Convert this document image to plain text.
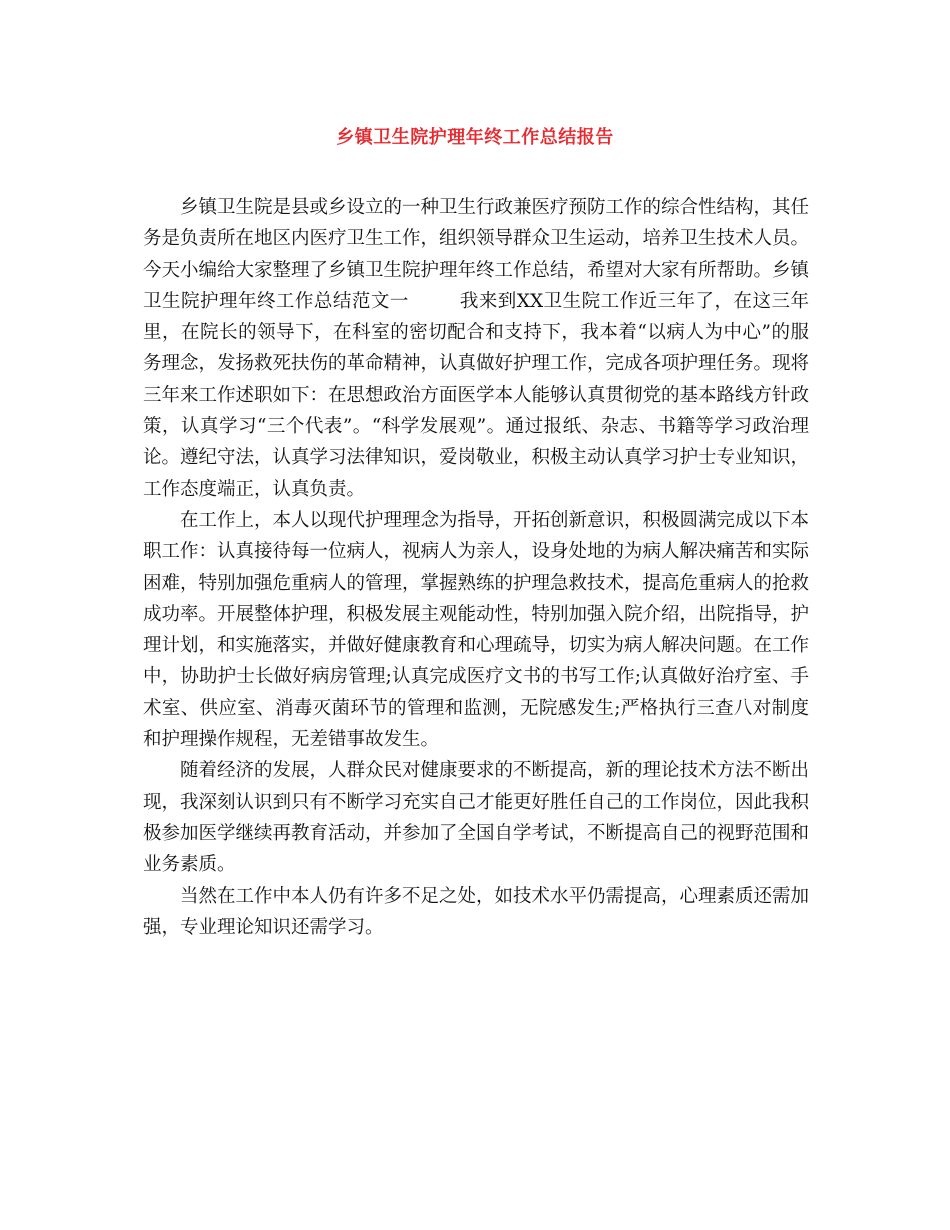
乡镇卫生院护理年终工作总结报告

乡镇卫生院是县或乡设立的一种卫生行政兼医疗预防工作的综合性结构，其任务是负责所在地区内医疗卫生工作，组织领导群众卫生运动，培养卫生技术人员。今天小编给大家整理了乡镇卫生院护理年终工作总结，希望对大家有所帮助。乡镇卫生院护理年终工作总结范文一        我来到XX卫生院工作近三年了，在这三年里，在院长的领导下，在科室的密切配合和支持下，我本着“以病人为中心”的服务理念，发扬救死扶伤的革命精神，认真做好护理工作，完成各项护理任务。现将三年来工作述职如下：在思想政治方面医学本人能够认真贯彻党的基本路线方针政策，认真学习“三个代表”。“科学发展观”。通过报纸、杂志、书籍等学习政治理论。遵纪守法，认真学习法律知识，爱岗敬业，积极主动认真学习护士专业知识，工作态度端正，认真负责。

在工作上，本人以现代护理理念为指导，开拓创新意识，积极圆满完成以下本职工作：认真接待每一位病人，视病人为亲人，设身处地的为病人解决痛苦和实际困难，特别加强危重病人的管理，掌握熟练的护理急救技术，提高危重病人的抢救成功率。开展整体护理，积极发展主观能动性，特别加强入院介绍，出院指导，护理计划，和实施落实，并做好健康教育和心理疏导，切实为病人解决问题。在工作中，协助护士长做好病房管理;认真完成医疗文书的书写工作;认真做好治疗室、手术室、供应室、消毒灭菌环节的管理和监测，无院感发生;严格执行三查八对制度和护理操作规程，无差错事故发生。

随着经济的发展，人群众民对健康要求的不断提高，新的理论技术方法不断出现，我深刻认识到只有不断学习充实自己才能更好胜任自己的工作岗位，因此我积极参加医学继续再教育活动，并参加了全国自学考试，不断提高自己的视野范围和业务素质。

当然在工作中本人仍有许多不足之处，如技术水平仍需提高，心理素质还需加强，专业理论知识还需学习。
